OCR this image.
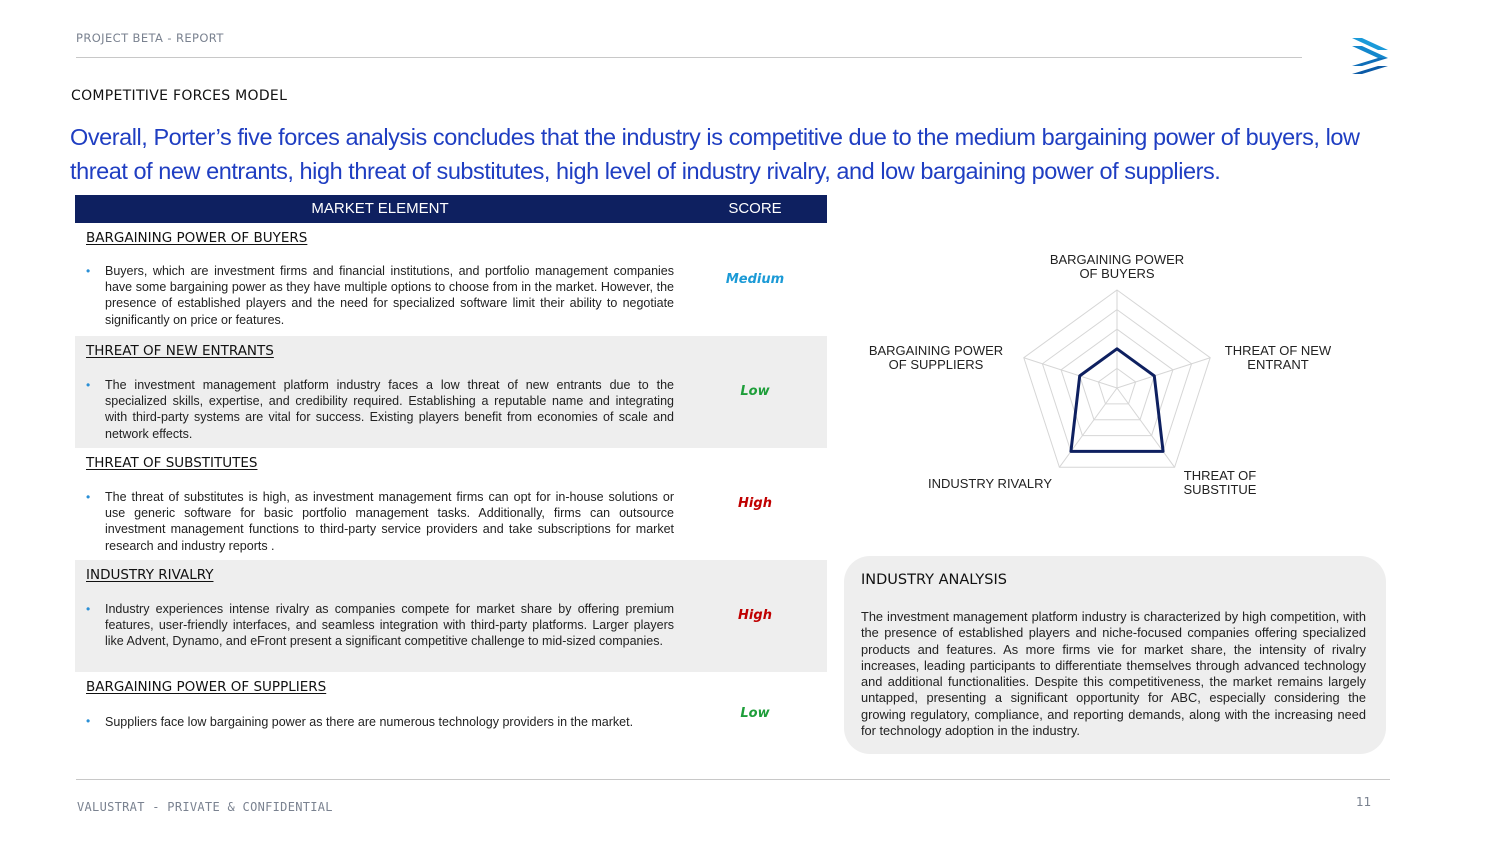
PROJECT BETA - REPORT
COMPETITIVE FORCES MODEL
Overall, Porter’s five forces analysis concludes that the industry is competitive due to the medium bargaining power of buyers, low threat of new entrants, high threat of substitutes, high level of industry rivalry, and low bargaining power of suppliers.
MARKET ELEMENT	SCORE
BARGAINING POWER OF BUYERS
• Buyers, which are investment firms and financial institutions, and portfolio management companies have some bargaining power as they have multiple options to choose from in the market. However, the presence of established players and the need for specialized software limit their ability to negotiate significantly on price or features.
Medium
THREAT OF NEW ENTRANTS
• The investment management platform industry faces a low threat of new entrants due to the specialized skills, expertise, and credibility required. Establishing a reputable name and integrating with third-party systems are vital for success. Existing players benefit from economies of scale and network effects.
Low
THREAT OF SUBSTITUTES
• The threat of substitutes is high, as investment management firms can opt for in-house solutions or use generic software for basic portfolio management tasks. Additionally, firms can outsource investment management functions to third-party service providers and take subscriptions for market research and industry reports .
High
INDUSTRY RIVALRY
• Industry experiences intense rivalry as companies compete for market share by offering premium features, user-friendly interfaces, and seamless integration with third-party platforms. Larger players like Advent, Dynamo, and eFront present a significant competitive challenge to mid-sized companies.
High
BARGAINING POWER OF SUPPLIERS
• Suppliers face low bargaining power as there are numerous technology providers in the market.
Low
BARGAINING POWER OF BUYERS
THREAT OF NEW ENTRANT
THREAT OF SUBSTITUE
INDUSTRY RIVALRY
BARGAINING POWER OF SUPPLIERS
INDUSTRY ANALYSIS
The investment management platform industry is characterized by high competition, with the presence of established players and niche-focused companies offering specialized products and features. As more firms vie for market share, the intensity of rivalry increases, leading participants to differentiate themselves through advanced technology and additional functionalities. Despite this competitiveness, the market remains largely untapped, presenting a significant opportunity for ABC, especially considering the growing regulatory, compliance, and reporting demands, along with the increasing need for technology adoption in the industry.
VALUSTRAT - PRIVATE & CONFIDENTIAL	11
